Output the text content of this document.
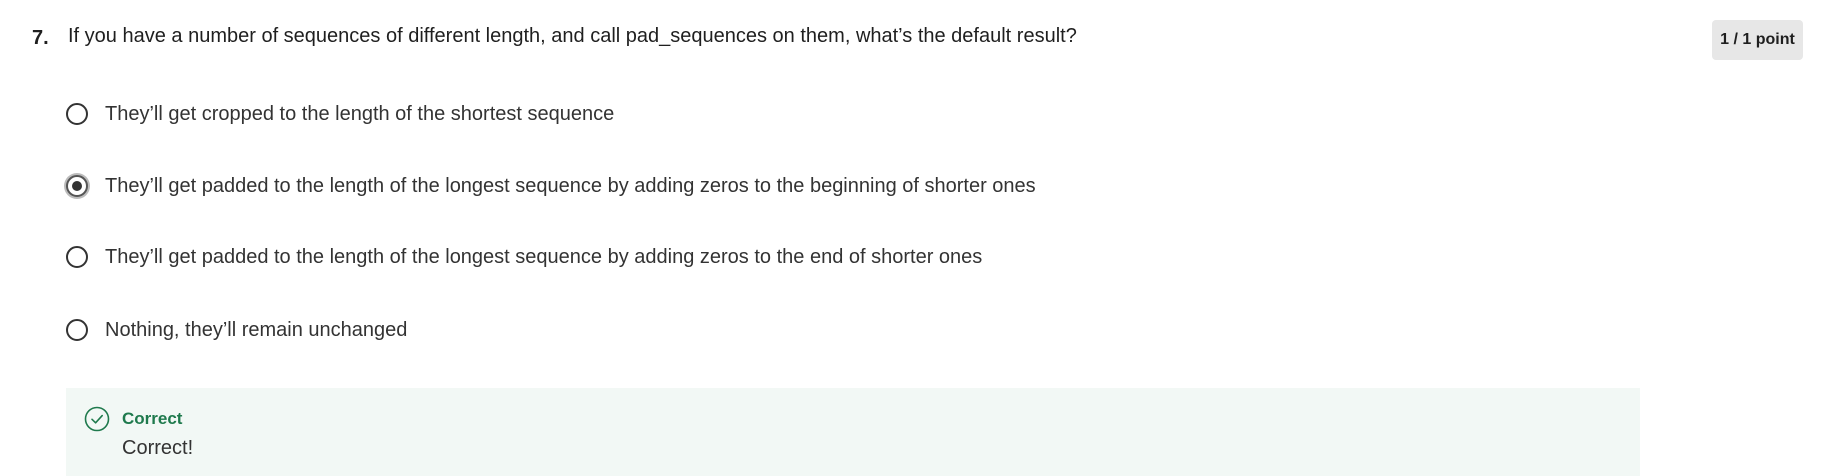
7. If you have a number of sequences of different length, and call pad_sequences on them, what’s the default result?	1 / 1 point
They’ll get cropped to the length of the shortest sequence
They’ll get padded to the length of the longest sequence by adding zeros to the beginning of shorter ones
They’ll get padded to the length of the longest sequence by adding zeros to the end of shorter ones
Nothing, they’ll remain unchanged
Correct
Correct!
